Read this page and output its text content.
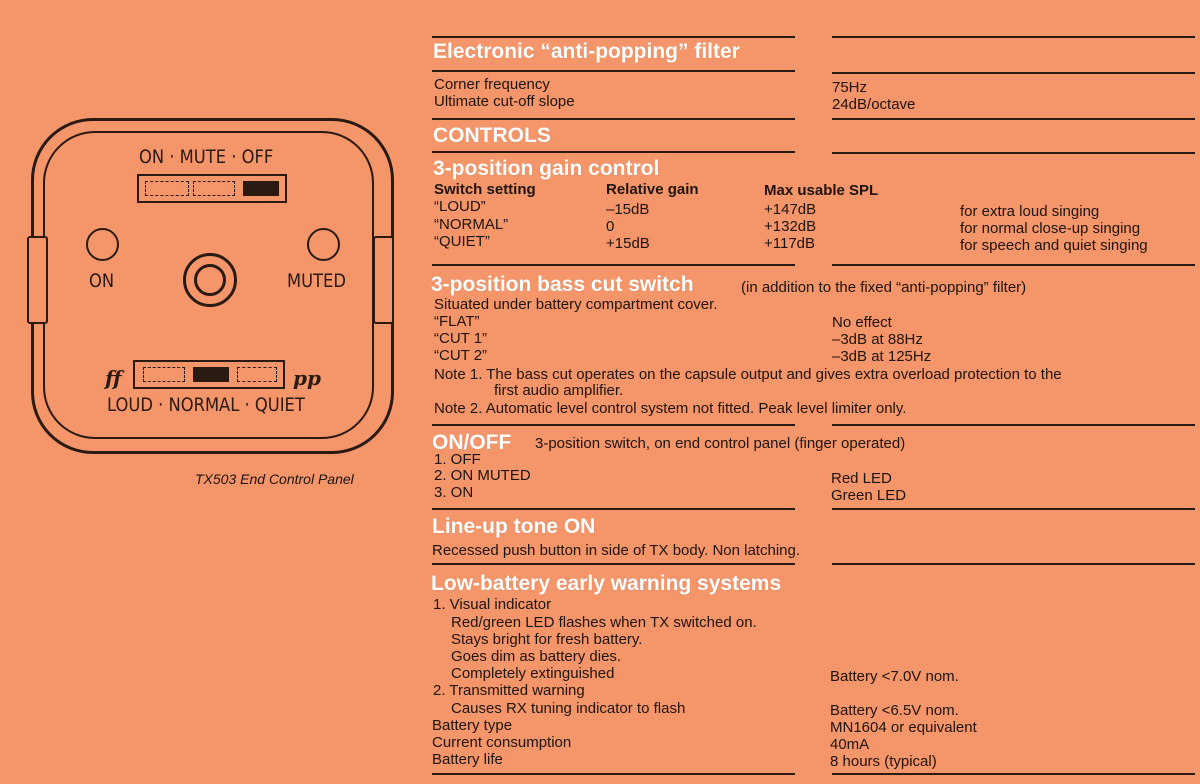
ON · MUTE · OFF
ON	MUTED
ff	pp
LOUD · NORMAL · QUIET
TX503 End Control Panel
Electronic “anti-popping” filter
Corner frequency	75Hz
Ultimate cut-off slope	24dB/octave
CONTROLS
3-position gain control
Switch setting	Relative gain	Max usable SPL
“LOUD”	–15dB	+147dB	for extra loud singing
“NORMAL”	0	+132dB	for normal close-up singing
“QUIET”	+15dB	+117dB	for speech and quiet singing
3-position bass cut switch	(in addition to the fixed “anti-popping” filter)
Situated under battery compartment cover.
“FLAT”	No effect
“CUT 1”	–3dB at 88Hz
“CUT 2”	–3dB at 125Hz
Note 1. The bass cut operates on the capsule output and gives extra overload protection to the
first audio amplifier.
Note 2. Automatic level control system not fitted. Peak level limiter only.
ON/OFF 3-position switch, on end control panel (finger operated)
1. OFF
2. ON MUTED	Red LED
3. ON	Green LED
Line-up tone ON
Recessed push button in side of TX body. Non latching.
Low-battery early warning systems
1. Visual indicator
Red/green LED flashes when TX switched on.
Stays bright for fresh battery.
Goes dim as battery dies.
Completely extinguished	Battery <7.0V nom.
2. Transmitted warning
Causes RX tuning indicator to flash	Battery <6.5V nom.
Battery type	MN1604 or equivalent
Current consumption	40mA
Battery life	8 hours (typical)
